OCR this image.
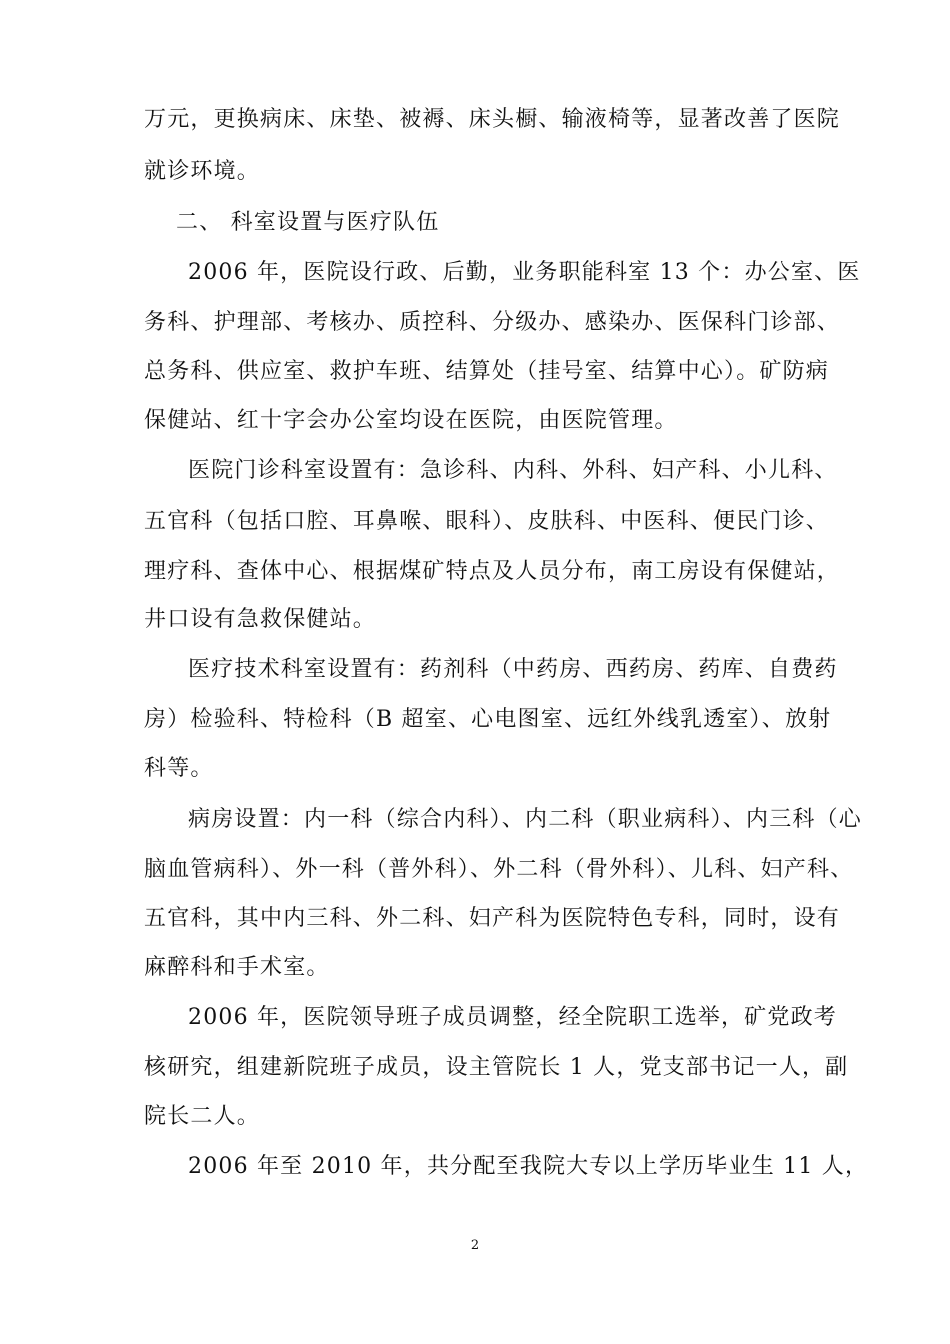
万元，更换病床、床垫、被褥、床头橱、输液椅等，显著改善了医院
就诊环境。
二、 科室设置与医疗队伍
2006 年，医院设行政、后勤，业务职能科室 13 个：办公室、医
务科、护理部、考核办、质控科、分级办、感染办、医保科门诊部、
总务科、供应室、救护车班、结算处（挂号室、结算中心）。矿防病
保健站、红十字会办公室均设在医院，由医院管理。
医院门诊科室设置有：急诊科、内科、外科、妇产科、小儿科、
五官科（包括口腔、耳鼻喉、眼科）、皮肤科、中医科、便民门诊、
理疗科、查体中心、根据煤矿特点及人员分布，南工房设有保健站，
井口设有急救保健站。
医疗技术科室设置有：药剂科（中药房、西药房、药库、自费药
房）检验科、特检科（B 超室、心电图室、远红外线乳透室）、放射
科等。
病房设置：内一科（综合内科）、内二科（职业病科）、内三科（心
脑血管病科）、外一科（普外科）、外二科（骨外科）、儿科、妇产科、
五官科，其中内三科、外二科、妇产科为医院特色专科，同时，设有
麻醉科和手术室。
2006 年，医院领导班子成员调整，经全院职工选举，矿党政考
核研究，组建新院班子成员，设主管院长 1 人，党支部书记一人，副
院长二人。
2006 年至 2010 年，共分配至我院大专以上学历毕业生 11 人，
2
